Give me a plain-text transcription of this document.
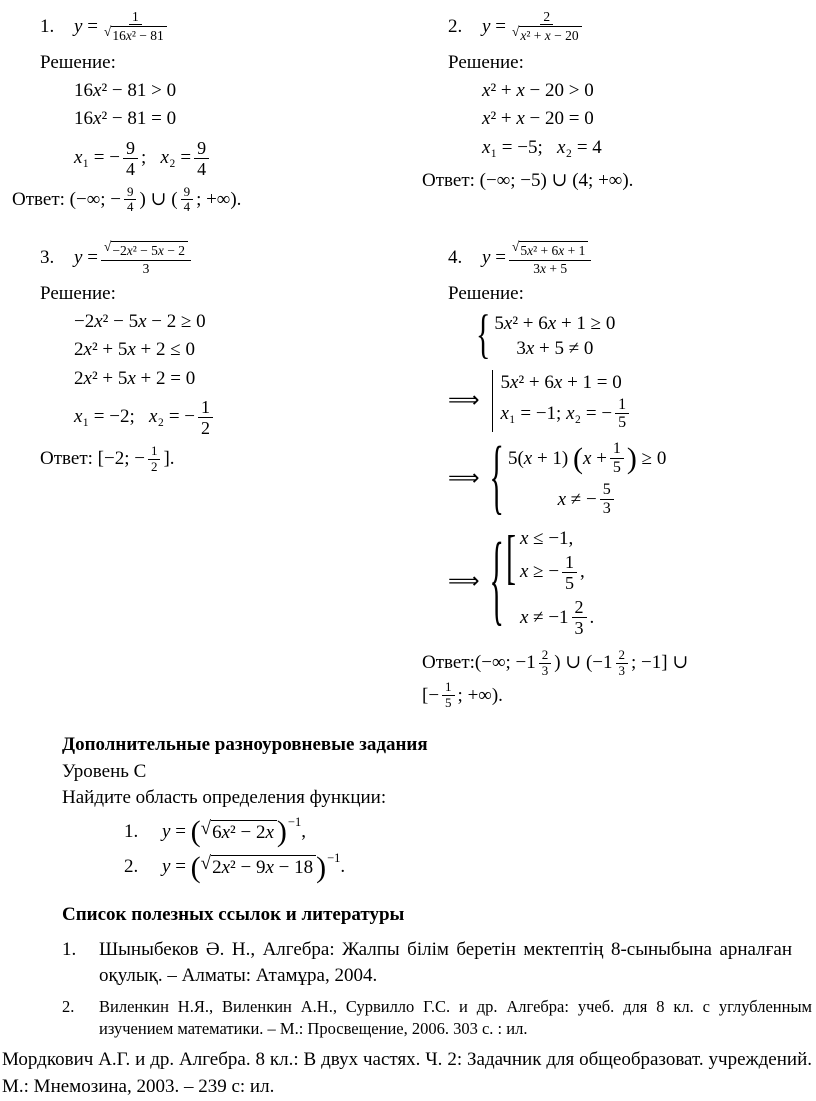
1.	$y = \frac{1}{\text{√ 16x² − 81}}$
Решение:
16x² − 81 > 0
16x² − 81 = 0
x₁ = − $\frac{9}{4}$ ;   $x_2 = \frac{9}{4}$
Ответ: (−∞; − $\frac{9}{4}$ ) ∪ ( $\frac{9}{4}$ ; +∞).
2.	$y = \frac{2}{\text{√ x² + x − 20}}$
Решение:
x² + x − 20 > 0
x² + x − 20 = 0
x₁ = −5;   x₂ = 4
Ответ: (−∞; −5) ∪ (4; +∞).
3.	$y = \frac{\text{√ −2x² − 5x − 2}}{3}$
Решение:
−2x² − 5x − 2 ≥ 0
2x² + 5x + 2 ≤ 0
2x² + 5x + 2 = 0
x₁ = −2;   x₂ = − $\frac{1}{2}$
Ответ: [−2; − $\frac{1}{2}$ ].
4.	$y = \frac{\text{√ 5x² + 6x + 1}}{3x + 5}$
Решение:
{ 5x² + 6x + 1 ≥ 0
3x + 5 ≠ 0
⟹
5x² + 6x + 1 = 0
x₁ = −1; x₂ = − $\frac{1}{5}$
⟹ { 5(x + 1) ( $x + \frac{1}{5}$ ) ≥ 0
x ≠ − $\frac{5}{3}$
⟹ { [ x ≤ −1,
x ≥ − $\frac{1}{5}$ ,
$x \ne -1 \frac{2}{3}$ .
Ответ:(−∞; $-1 \frac{2}{3}$ ) ∪ ($-1 \frac{2}{3}$ ; −1] ∪
[− $\frac{1}{5}$ ; +∞).
Дополнительные разноуровневые задания
Уровень С
Найдите область определения функции:
1.	y = ( √ 6x² − 2x ) −1 ,
2.	y = ( √ 2x² − 9x − 18 ) −1 .
Список полезных ссылок и литературы
1.	Шыныбеков Ә. Н., Алгебра: Жалпы білім беретін мектептің 8-сыныбына арналған оқулық. – Алматы: Атамұра, 2004.
2.	Виленкин Н.Я., Виленкин А.Н., Сурвилло Г.С. и др. Алгебра: учеб. для 8 кл. с углубленным изучением математики. – М.: Просвещение, 2006. 303 с. : ил.
Мордкович А.Г. и др. Алгебра. 8 кл.: В двух частях. Ч. 2: Задачник для общеобразоват. учреждений. М.: Мнемозина, 2003. – 239 с: ил.
